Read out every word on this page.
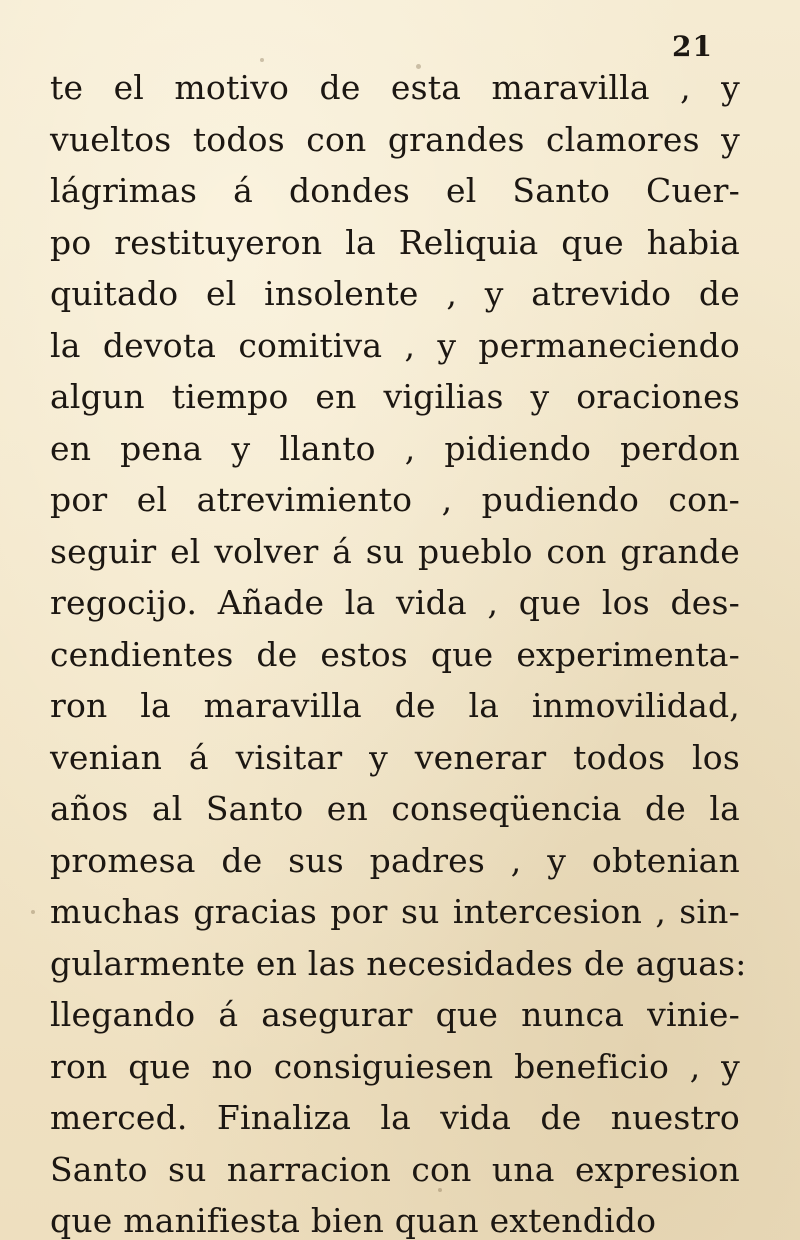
21
te el motivo de esta maravilla , y
vueltos todos con grandes clamores y
lágrimas á dondes el Santo Cuer-
po restituyeron la Reliquia que habia
quitado el insolente , y atrevido de
la devota comitiva , y permaneciendo
algun tiempo en vigilias y oraciones
en pena y llanto , pidiendo perdon
por el atrevimiento , pudiendo con-
seguir el volver á su pueblo con grande
regocijo. Añade la vida , que los des-
cendientes de estos que experimenta-
ron la maravilla de la inmovilidad,
venian á visitar y venerar todos los
años al Santo en conseqüencia de la
promesa de sus padres , y obtenian
muchas gracias por su intercesion , sin-
gularmente en las necesidades de aguas:
llegando á asegurar que nunca vinie-
ron que no consiguiesen beneficio , y
merced. Finaliza la vida de nuestro
Santo su narracion con una expresion
que manifiesta bien quan extendido
